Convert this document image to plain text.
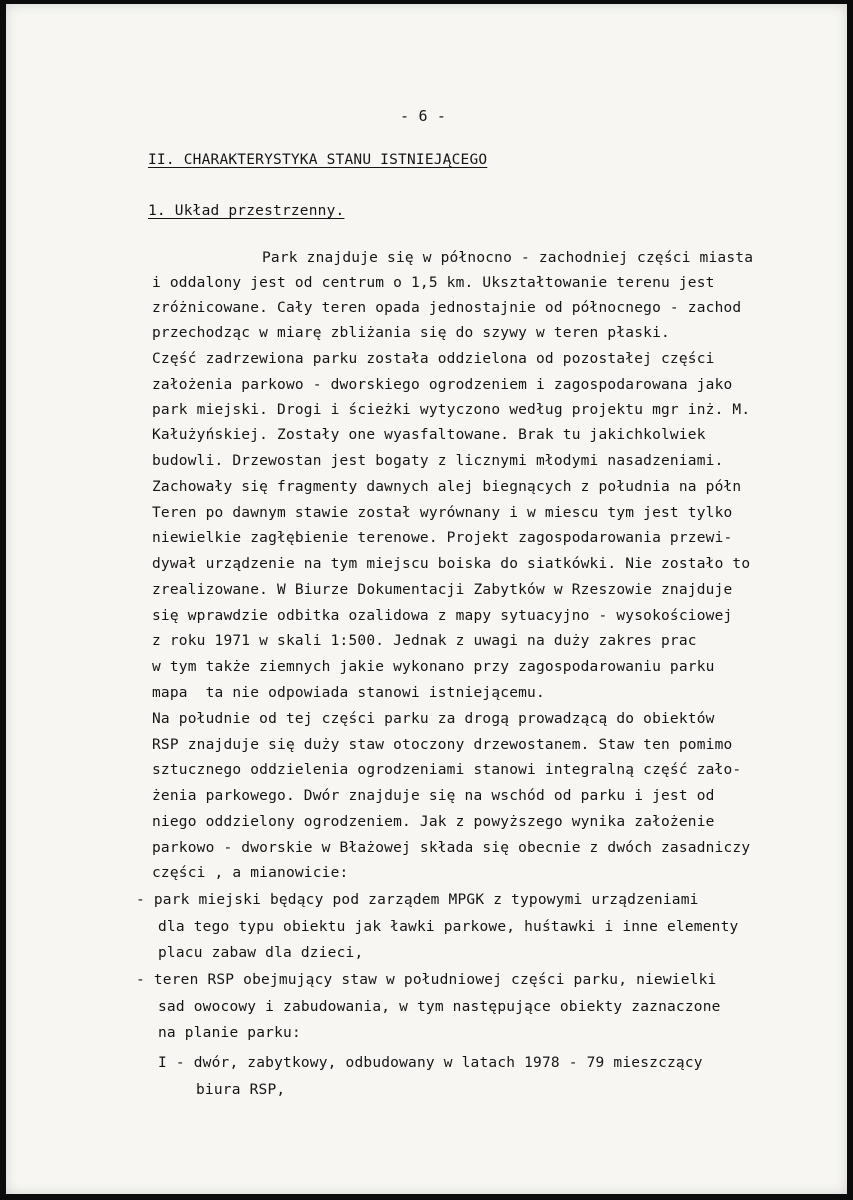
- 6 -
II. CHARAKTERYSTYKA STANU ISTNIEJĄCEGO
1. Układ przestrzenny.
Park znajduje się w północno - zachodniej części miasta
i oddalony jest od centrum o 1,5 km. Ukształtowanie terenu jest
zróżnicowane. Cały teren opada jednostajnie od północnego - zachod
przechodząc w miarę zbliżania się do szywy w teren płaski.
Część zadrzewiona parku została oddzielona od pozostałej części
założenia parkowo - dworskiego ogrodzeniem i zagospodarowana jako
park miejski. Drogi i ścieżki wytyczono według projektu mgr inż. M.
Kałużyńskiej. Zostały one wyasfaltowane. Brak tu jakichkolwiek
budowli. Drzewostan jest bogaty z licznymi młodymi nasadzeniami.
Zachowały się fragmenty dawnych alej biegnących z południa na półn
Teren po dawnym stawie został wyrównany i w miescu tym jest tylko
niewielkie zagłębienie terenowe. Projekt zagospodarowania przewi-
dywał urządzenie na tym miejscu boiska do siatkówki. Nie zostało to
zrealizowane. W Biurze Dokumentacji Zabytków w Rzeszowie znajduje
się wprawdzie odbitka ozalidowa z mapy sytuacyjno - wysokościowej
z roku 1971 w skali 1:500. Jednak z uwagi na duży zakres prac
w tym także ziemnych jakie wykonano przy zagospodarowaniu parku
mapa  ta nie odpowiada stanowi istniejącemu.
Na południe od tej części parku za drogą prowadzącą do obiektów
RSP znajduje się duży staw otoczony drzewostanem. Staw ten pomimo
sztucznego oddzielenia ogrodzeniami stanowi integralną część zało-
żenia parkowego. Dwór znajduje się na wschód od parku i jest od
niego oddzielony ogrodzeniem. Jak z powyższego wynika założenie
parkowo - dworskie w Błażowej składa się obecnie z dwóch zasadniczy
części , a mianowicie:
- park miejski będący pod zarządem MPGK z typowymi urządzeniami
dla tego typu obiektu jak ławki parkowe, huśtawki i inne elementy
placu zabaw dla dzieci,
- teren RSP obejmujący staw w południowej części parku, niewielki
sad owocowy i zabudowania, w tym następujące obiekty zaznaczone
na planie parku:
I - dwór, zabytkowy, odbudowany w latach 1978 - 79 mieszczący
biura RSP,
